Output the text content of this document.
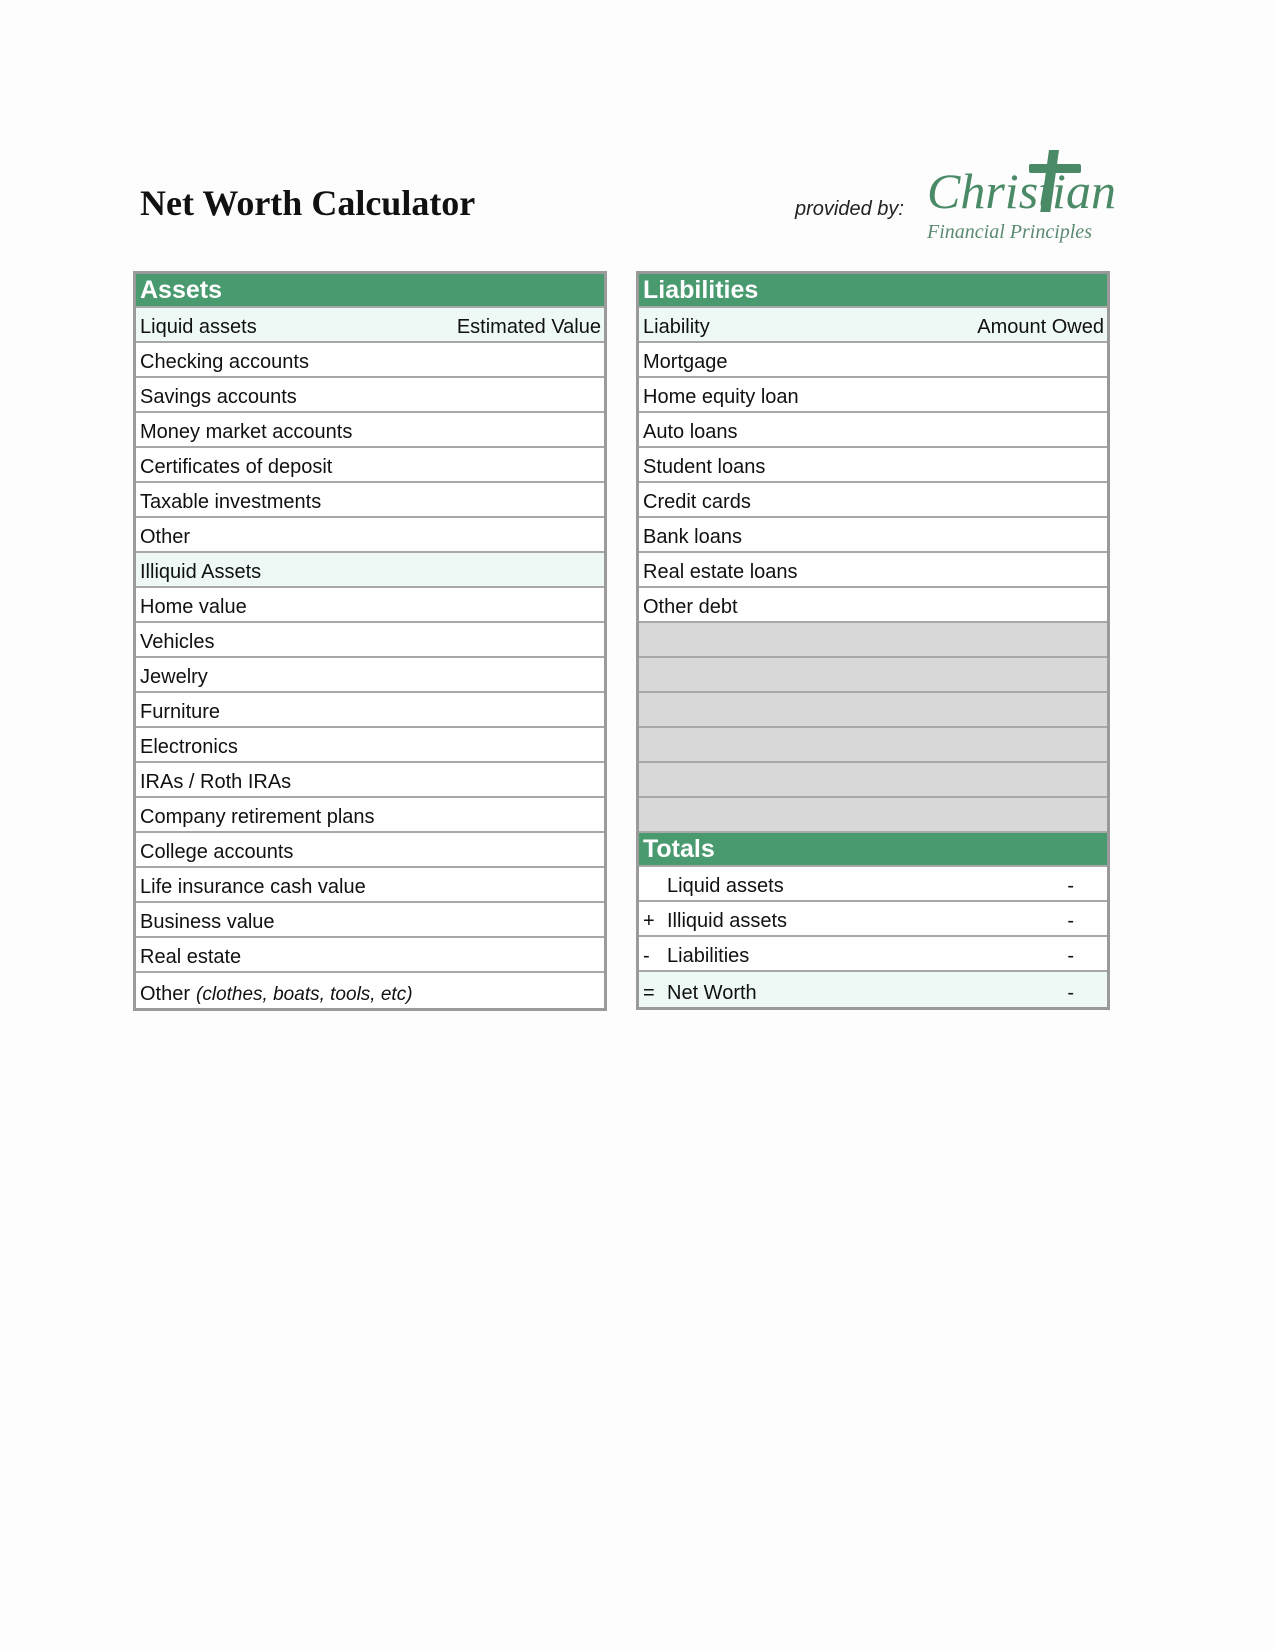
Net Worth Calculator	provided by: Christian
Financial Principles
Assets
Liquid assets	Estimated Value
Checking accounts
Savings accounts
Money market accounts
Certificates of deposit
Taxable investments
Other
Illiquid Assets
Home value
Vehicles
Jewelry
Furniture
Electronics
IRAs / Roth IRAs
Company retirement plans
College accounts
Life insurance cash value
Business value
Real estate
Other (clothes, boats, tools, etc)
Liabilities
Liability	Amount Owed
Mortgage
Home equity loan
Auto loans
Student loans
Credit cards
Bank loans
Real estate loans
Other debt
Totals
Liquid assets	-
+ Illiquid assets	-
- Liabilities	-
= Net Worth	-
